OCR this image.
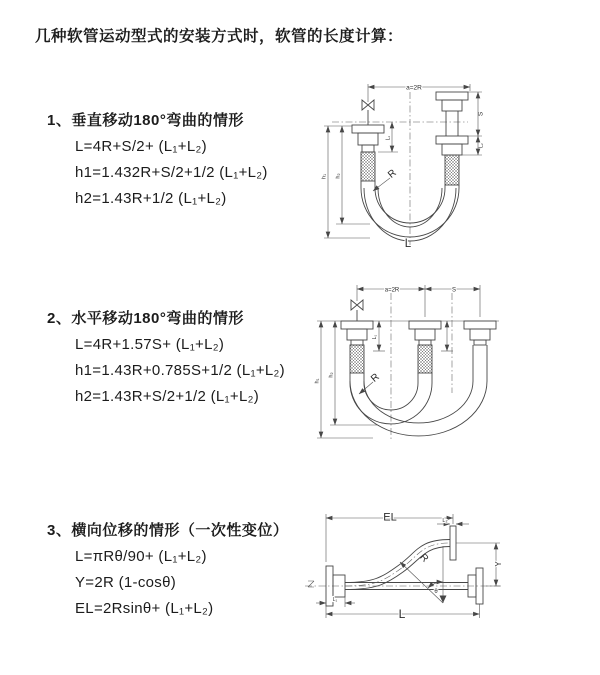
几种软管运动型式的安装方式时，软管的长度计算：
1、垂直移动180°弯曲的情形
L=4R+S/2+ (L₁+L₂)
h1=1.432R+S/2+1/2 (L₁+L₂)
h2=1.43R+1/2 (L₁+L₂)
2、水平移动180°弯曲的情形
L=4R+1.57S+ (L₁+L₂)
h1=1.43R+0.785S+1/2 (L₁+L₂)
h2=1.43R+S/2+1/2 (L₁+L₂)
3、横向位移的情形（一次性变位）
L=πRθ/90+ (L₁+L₂)
Y=2R (1-cosθ)
EL=2Rsinθ+ (L₁+L₂)
a=2R
h₁ h₂
L₁
S
L₂
R
L
a=2R	S
h₁
h₂
L₁
R
EL	L₂
Y
θ
R
L
L₁
